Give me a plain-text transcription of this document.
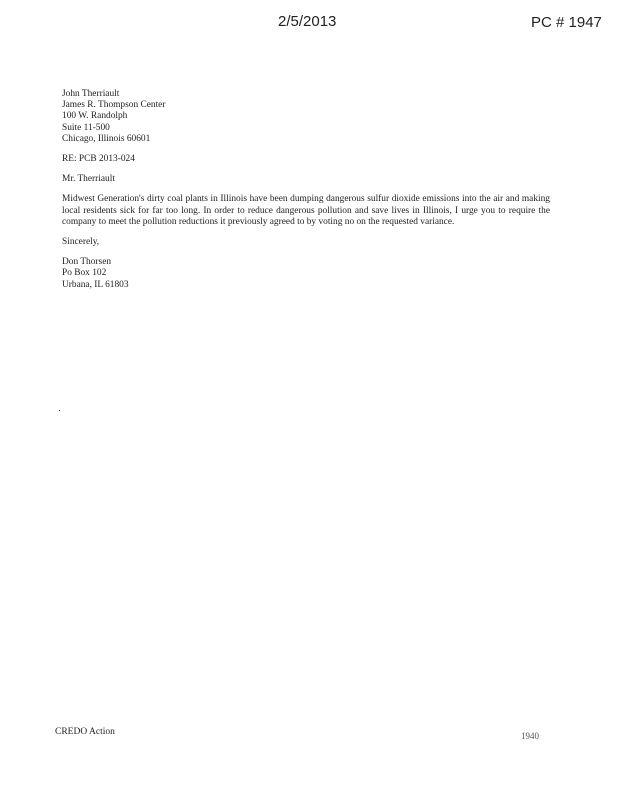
2/5/2013	PC # 1947
John Therriault
James R. Thompson Center
100 W. Randolph
Suite 11-500
Chicago, Illinois 60601
RE: PCB 2013-024
Mr. Therriault
Midwest Generation's dirty coal plants in Illinois have been dumping dangerous sulfur dioxide emissions into the air and making local residents sick for far too long. In order to reduce dangerous pollution and save lives in Illinois, I urge you to require the company to meet the pollution reductions it previously agreed to by voting no on the requested variance.
Sincerely,
Don Thorsen
Po Box 102
Urbana, IL 61803
CREDO Action	1940
